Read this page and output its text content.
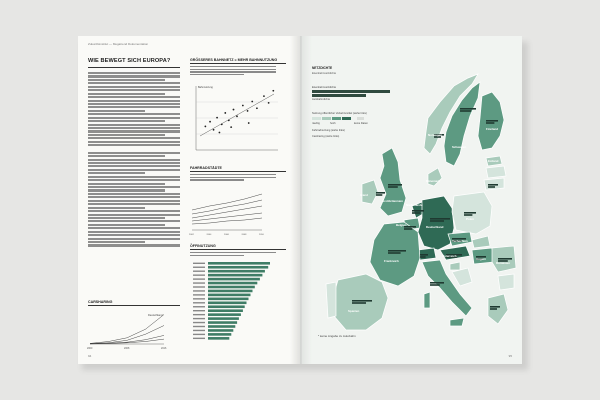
Zukunftsinstitut — Megatrend Dokumentation
WIE BEWEGT SICH EUROPA?
CARSHARING
Deutschland
2000	2008	2016
GRÖSSERES BAHNNETZ = MEHR BAHNNUTZUNG
Bahnnutzung
FAHRRADSTÄDTE
2002	2004	2006	2008	2010
ÖFFINUTZUNG
94
Finnland
Schweden
Norwegen
Estland
Dänemark
Irland
Großbritannien
Niederlande
Belgien	Deutschland
Polen
Tschechien
Frankreich
Österreich
Ungarn
Rumänien
Spanien
Italien
NETZDICHTE
Eisenbahnnetzdichte
Eisenbahnnetzdichte
Autobahndichte
Nutzung öffentlicher Verkehrsmittel (siehe links)
niedrig	hoch	keine Daten
Fahrradnutzung (siehe links)
Carsharing (siehe links)
* keine Angabe zu Autobahn
95
